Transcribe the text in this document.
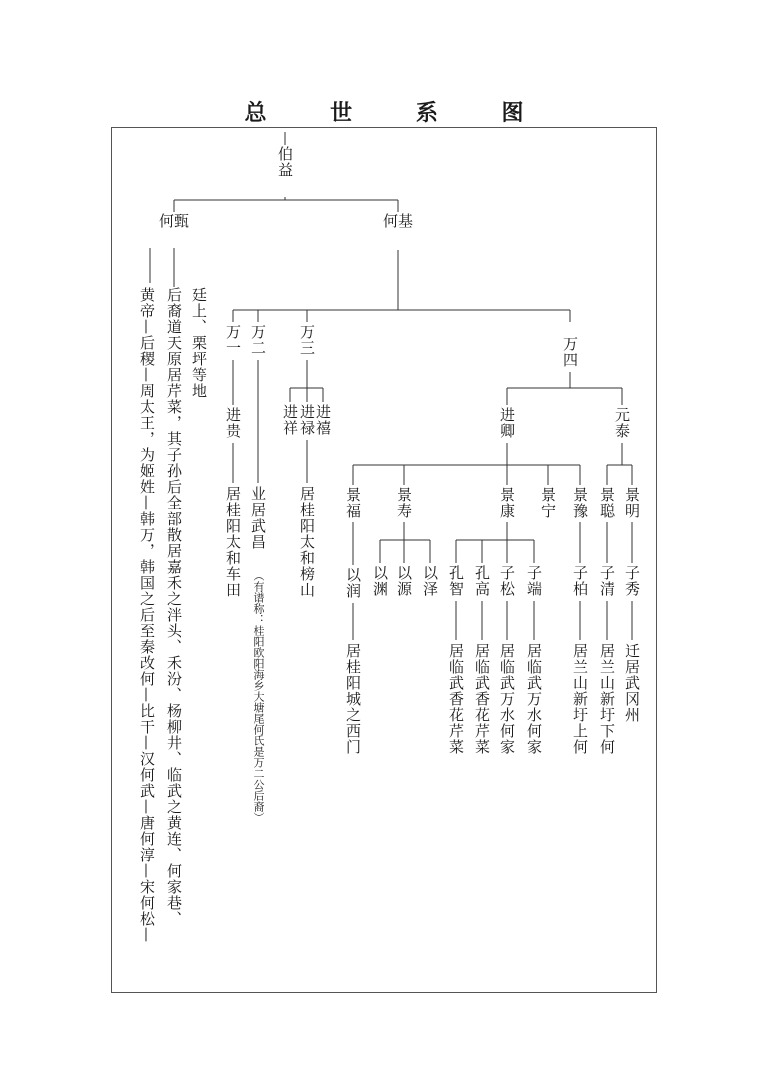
总 世 系 图
伯益
何甄	何基
黄帝—后稷—周太王，为姬姓—韩万，韩国之后至秦改何—比干—汉何武—唐何淳—宋何松— 后裔道天原居芹菜，其子孙后全部散居嘉禾之泮头、禾汾、杨柳井、临武之黄连、何家巷、 廷上、栗坪等地 万一 万二 万三	万四
进贵
居桂阳太和车田 业居武昌
（有谱称：桂阳欧阳海乡大塘尾何氏是万二公后裔）
进祥 进禄
进禧
居桂阳太和榜山
进卿	元泰
景福 景寿	景康 景宁 景豫 景聪 景明
以润 以渊 以源 以泽 孔智 孔高 子松 子端 子柏 子清 子秀
居桂阳城之西门	居临武香花芹菜 居临武香花芹菜 居临武万水何家 居临武万水何家 居兰山新圩上何 居兰山新圩下何 迁居武冈州
